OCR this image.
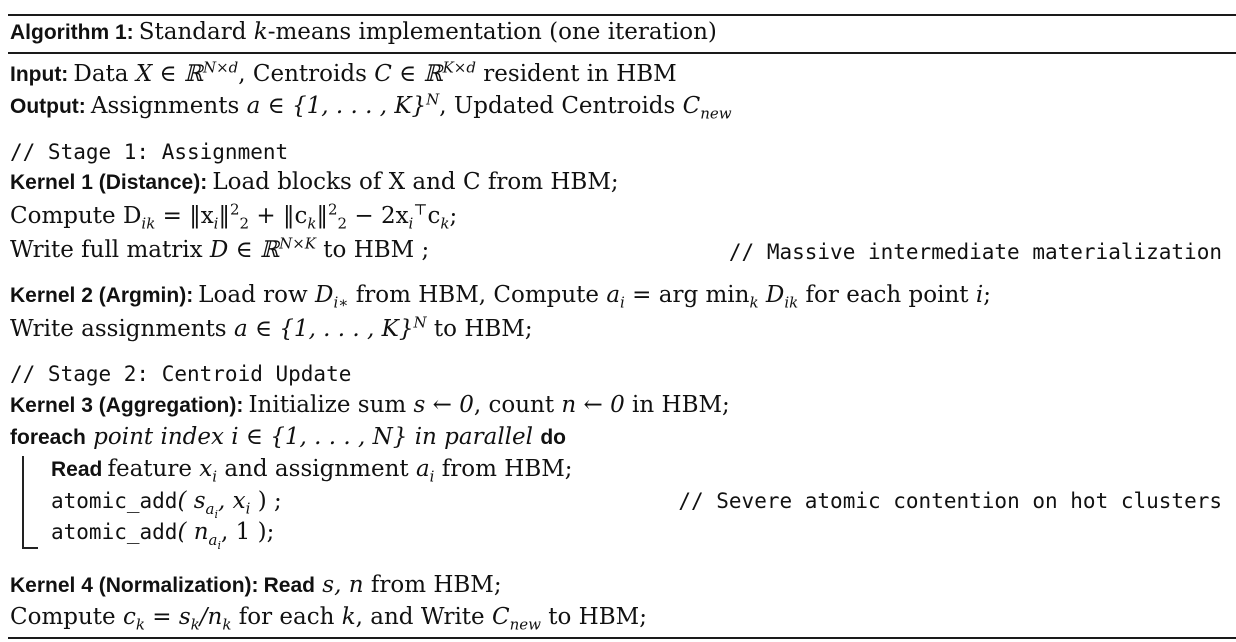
Algorithm 1: Standard k-means implementation (one iteration)
Input: Data X ∈ ℝ$^{N\times d}$, Centroids C ∈ ℝ$^{K\times d}$ resident in HBM
Output: Assignments a ∈ {1, . . . , K}$^N$, Updated Centroids $C_{new}$
// Stage 1: Assignment
Kernel 1 (Distance): Load blocks of X and C from HBM;
Compute $D_{ik}$ = $‖x_i‖^2_2$ + $‖c_k‖^2_2 - 2x_i^⊤c_k$;
Write full matrix D ∈ ℝ$^{N\times K}$ to HBM ;	// Massive intermediate materialization
Kernel 2 (Argmin): Load row $D_{i∗}$ from HBM, Compute $a_i$ = arg $\min_k D_{ik}$ for each point i;
Write assignments a ∈ {1, . . . , K}$^N$ to HBM;
// Stage 2: Centroid Update
Kernel 3 (Aggregation): Initialize sum s ← 0, count n ← 0 in HBM;
foreach point index i ∈ {1, . . . , N} in parallel do
Read feature $x_i$ and assignment $a_i$ from HBM;
atomic_add( $s_{a_i}$, $x_i$ ) ;	// Severe atomic contention on hot clusters
atomic_add( $n_{a_i}$, 1 );
Kernel 4 (Normalization): Read s, n from HBM;
Compute $c_k = s_k/n_k$ for each k, and Write $C_{new}$ to HBM;
